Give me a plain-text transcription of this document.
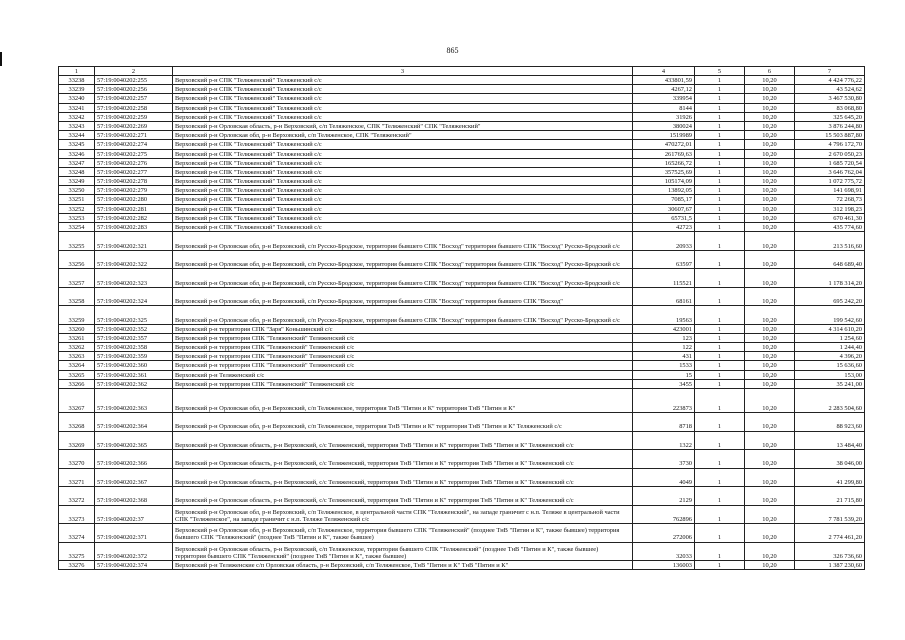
865
1	2	3	4	5	6	7
33238	57:19:0040202:255	Верховский р-н СПК "Теляженский" Теляженский с/с	433801,59	1	10,20	4 424 776,22
33239	57:19:0040202:256	Верховский р-н СПК "Теляженский" Теляженский с/с	4267,12	1	10,20	43 524,62
33240	57:19:0040202:257	Верховский р-н СПК "Теляженский" Теляженский с/с	339954	1	10,20	3 467 530,80
33241	57:19:0040202:258	Верховский р-н СПК "Теляженский" Теляженский с/с	8144	1	10,20	83 068,80
33242	57:19:0040202:259	Верховский р-н СПК "Теляженский" Теляженский с/с	31926	1	10,20	325 645,20
33243	57:19:0040202:269	Верховский р-н Орловская область, р-н Верховский, с/п Теляженское, СПК "Теляженский" СПК "Теляженский"	380024	1	10,20	3 876 244,80
33244	57:19:0040202:271	Верховский р-н Орловская обл, р-н Верховский, с/п Теляженское, СПК "Теляженский"	1519989	1	10,20	15 503 887,80
33245	57:19:0040202:274	Верховский р-н СПК "Теляженский" Теляженский с/с	470272,01	1	10,20	4 796 172,70
33246	57:19:0040202:275	Верховский р-н СПК "Теляженский" Теляженский с/с	261769,63	1	10,20	2 670 050,23
33247	57:19:0040202:276	Верховский р-н СПК "Теляженский" Теляженский с/с	165266,72	1	10,20	1 685 720,54
33248	57:19:0040202:277	Верховский р-н СПК "Теляженский" Теляженский с/с	357525,69	1	10,20	3 646 762,04
33249	57:19:0040202:278	Верховский р-н СПК "Теляженский" Теляженский с/с	105174,09	1	10,20	1 072 775,72
33250	57:19:0040202:279	Верховский р-н СПК "Теляженский" Теляженский с/с	13892,05	1	10,20	141 698,91
33251	57:19:0040202:280	Верховский р-н СПК "Теляженский" Теляженский с/с	7085,17	1	10,20	72 268,73
33252	57:19:0040202:281	Верховский р-н СПК "Теляженский" Теляженский с/с	30607,67	1	10,20	312 198,23
33253	57:19:0040202:282	Верховский р-н СПК "Теляженский" Теляженский с/с	65731,5	1	10,20	670 461,30
33254	57:19:0040202:283	Верховский р-н СПК "Теляженский" Теляженский с/с	42723	1	10,20	435 774,60
33255	57:19:0040202:321	Верховский р-н Орловская обл, р-н Верховский, с/п Русско-Бродское, территория бывшего СПК "Восход" территория бывшего СПК "Восход" Русско-Бродский с/с	20933	1	10,20	213 516,60
33256	57:19:0040202:322	Верховский р-н Орловская обл, р-н Верховский, с/п Русско-Бродское, территория бывшего СПК "Восход" территория бывшего СПК "Восход" Русско-Бродский с/с	63597	1	10,20	648 689,40
33257	57:19:0040202:323	Верховский р-н Орловская обл, р-н Верховский, с/п Русско-Бродское, территория бывшего СПК "Восход" территория бывшего СПК "Восход" Русско-Бродский с/с	115521	1	10,20	1 178 314,20
33258	57:19:0040202:324	Верховский р-н Орловская обл, р-н Верховский, с/п Русско-Бродское, территория бывшего СПК "Восход" территория бывшего СПК "Восход"	68161	1	10,20	695 242,20
33259	57:19:0040202:325	Верховский р-н Орловская обл, р-н Верховский, с/п Русско-Бродское, территория бывшего СПК "Восход" территория бывшего СПК "Восход" Русско-Бродский с/с	19563	1	10,20	199 542,60
33260	57:19:0040202:352	Верховский р-н территория СПК "Заря" Коньшинский с/с	423001	1	10,20	4 314 610,20
33261	57:19:0040202:357	Верховский р-н территория СПК "Теляженский" Теляженский с/с	123	1	10,20	1 254,60
33262	57:19:0040202:358	Верховский р-н территория СПК "Теляженский" Теляженский с/с	122	1	10,20	1 244,40
33263	57:19:0040202:359	Верховский р-н территория СПК "Теляженский" Теляженский с/с	431	1	10,20	4 396,20
33264	57:19:0040202:360	Верховский р-н территория СПК "Теляженский" Теляженский с/с	1533	1	10,20	15 636,60
33265	57:19:0040202:361	Верховский р-н Теляженский с/с	15	1	10,20	153,00
33266	57:19:0040202:362	Верховский р-н территория СПК "Теляженский" Теляженский с/с	3455	1	10,20	35 241,00
33267	57:19:0040202:363	Верховский р-н Орловская обл, р-н Верховский, с/п Теляженское, территория ТнВ "Пятин и К" территория ТнВ "Пятин и К"	223873	1	10,20	2 283 504,60
33268	57:19:0040202:364	Верховский р-н Орловская обл, р-н Верховский, с/п Теляженское, территория ТнВ "Пятин и К" территория ТнВ "Пятин и К" Теляженский с/с	8718	1	10,20	88 923,60
33269	57:19:0040202:365	Верховский р-н Орловская область, р-н Верховский, с/с Теляженский, территория ТнВ "Пятин и К" территория ТнВ "Пятин и К" Теляженский с/с	1322	1	10,20	13 484,40
33270	57:19:0040202:366	Верховский р-н Орловская область, р-н Верховский, с/с Теляженский, территория ТнВ "Пятин и К" территория ТнВ "Пятин и К" Теляженский с/с	3730	1	10,20	38 046,00
33271	57:19:0040202:367	Верховский р-н Орловская область, р-н Верховский, с/с Теляженский, территория ТнВ "Пятин и К" территория ТнВ "Пятин и К" Теляженский с/с	4049	1	10,20	41 299,80
33272	57:19:0040202:368	Верховский р-н Орловская область, р-н Верховский, с/с Теляженский, территория ТнВ "Пятин и К" территория ТнВ "Пятин и К" Теляженский с/с	2129	1	10,20	21 715,80
33273	57:19:0040202:37	Верховский р-н Орловская обл, р-н Верховский, с/п Теляженское, в центральной части СПК "Теляженский", на западе граничит с н.п. Теляже в центральной части СПК "Теляженское", на западе граничит с н.п. Теляже Теляженский с/с	762896	1	10,20	7 781 539,20
33274	57:19:0040202:371	Верховский р-н Орловская обл, р-н Верховский, с/п Теляженское, территория бывшего СПК "Теляженский" (позднее ТнВ "Пятин и К", также бывшее) территория бывшего СПК "Теляженский" (позднее ТнВ "Пятин и К", также бывшее)	272006	1	10,20	2 774 461,20
33275	57:19:0040202:372	Верховский р-н Орловская область, р-н Верховский, с/п Теляженское, территория бывшего СПК "Теляженский" (позднее ТнВ "Пятин и К", также бывшее) территория бывшего СПК "Теляженский" (позднее ТнВ "Пятин и К", также бывшее)	32033	1	10,20	326 736,60
33276	57:19:0040202:374	Верховский р-н Теляженские с/п Орловская область, р-н Верховский, с/п Теляженское, ТнВ "Пятин и К" ТнВ "Пятин и К"	136003	1	10,20	1 387 230,60
